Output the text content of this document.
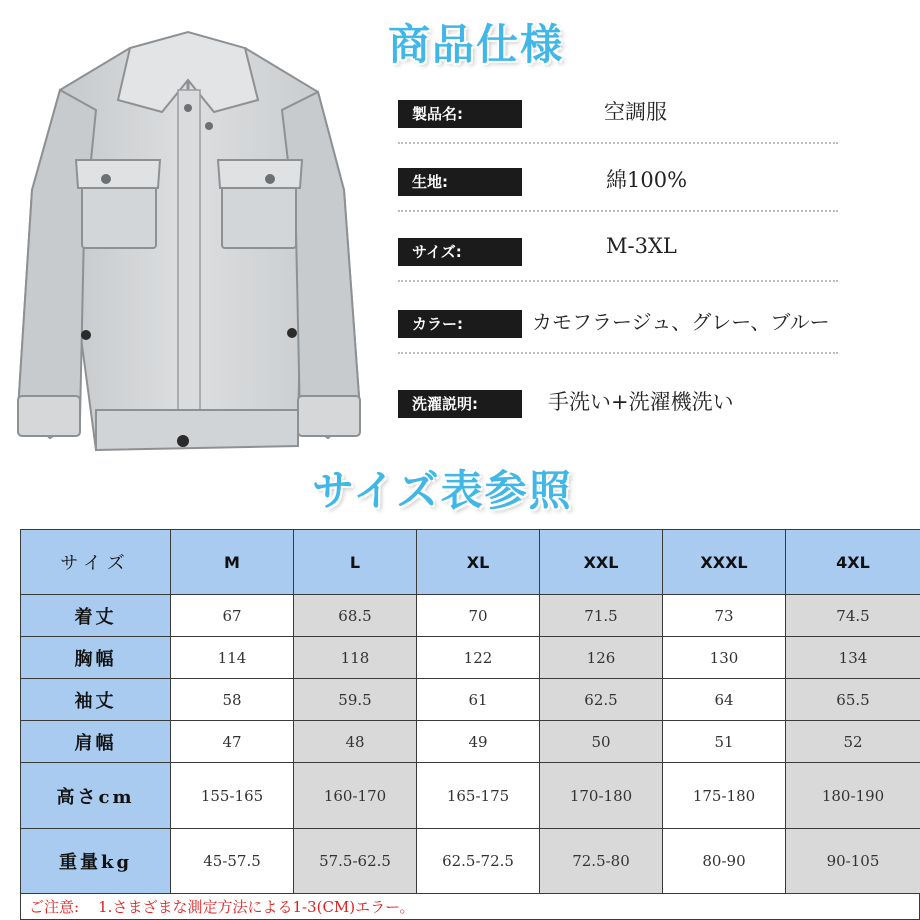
商品仕様
製品名:	空調服
生地:	綿100%
サイズ:	M-3XL
カラー:	カモフラージュ、グレー、ブルー
洗濯説明:	手洗い+洗濯機洗い
サイズ表参照
サイズ	M	L	XL	XXL	XXXL	4XL
着丈	67	68.5	70	71.5	73	74.5
胸幅	114	118	122	126	130	134
袖丈	58	59.5	61	62.5	64	65.5
肩幅	47	48	49	50	51	52
高さcm	155-165	160-170	165-175	170-180	175-180	180-190
重量kg	45-57.5	57.5-62.5	62.5-72.5	72.5-80	80-90	90-105
ご注意:    1.さまざまな測定方法による1-3(CM)エラー。
